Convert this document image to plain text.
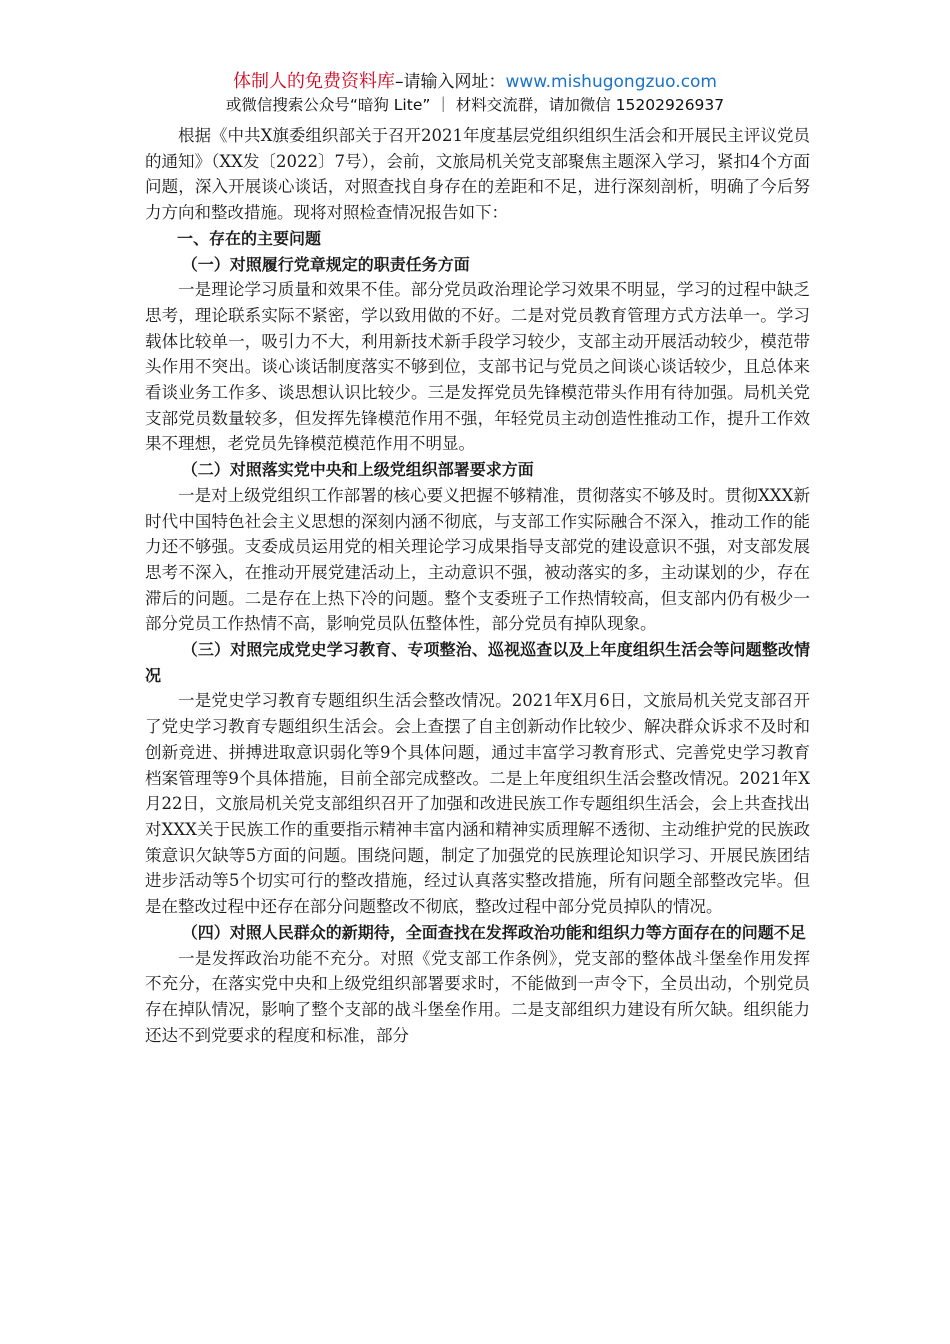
体制人的免费资料库–请输入网址：www.mishugongzuo.com
或微信搜索公众号“暗狗 Lite” ｜ 材料交流群，请加微信 15202926937

根据《中共X旗委组织部关于召开2021年度基层党组织组织生活会和开展民主评议党员的通知》（XX发〔2022〕7号），会前，文旅局机关党支部聚焦主题深入学习，紧扣4个方面问题，深入开展谈心谈话，对照查找自身存在的差距和不足，进行深刻剖析，明确了今后努力方向和整改措施。现将对照检查情况报告如下：

一、存在的主要问题

（一）对照履行党章规定的职责任务方面

一是理论学习质量和效果不佳。部分党员政治理论学习效果不明显，学习的过程中缺乏思考，理论联系实际不紧密，学以致用做的不好。二是对党员教育管理方式方法单一。学习载体比较单一，吸引力不大，利用新技术新手段学习较少，支部主动开展活动较少，模范带头作用不突出。谈心谈话制度落实不够到位，支部书记与党员之间谈心谈话较少，且总体来看谈业务工作多、谈思想认识比较少。三是发挥党员先锋模范带头作用有待加强。局机关党支部党员数量较多，但发挥先锋模范作用不强，年轻党员主动创造性推动工作，提升工作效果不理想，老党员先锋模范模范作用不明显。

（二）对照落实党中央和上级党组织部署要求方面

一是对上级党组织工作部署的核心要义把握不够精准，贯彻落实不够及时。贯彻XXX新时代中国特色社会主义思想的深刻内涵不彻底，与支部工作实际融合不深入，推动工作的能力还不够强。支委成员运用党的相关理论学习成果指导支部党的建设意识不强，对支部发展思考不深入，在推动开展党建活动上，主动意识不强，被动落实的多，主动谋划的少，存在滞后的问题。二是存在上热下冷的问题。整个支委班子工作热情较高，但支部内仍有极少一部分党员工作热情不高，影响党员队伍整体性，部分党员有掉队现象。

（三）对照完成党史学习教育、专项整治、巡视巡查以及上年度组织生活会等问题整改情况

一是党史学习教育专题组织生活会整改情况。2021年X月6日，文旅局机关党支部召开了党史学习教育专题组织生活会。会上查摆了自主创新动作比较少、解决群众诉求不及时和创新竞进、拼搏进取意识弱化等9个具体问题，通过丰富学习教育形式、完善党史学习教育档案管理等9个具体措施，目前全部完成整改。二是上年度组织生活会整改情况。2021年X月22日，文旅局机关党支部组织召开了加强和改进民族工作专题组织生活会，会上共查找出对XXX关于民族工作的重要指示精神丰富内涵和精神实质理解不透彻、主动维护党的民族政策意识欠缺等5方面的问题。围绕问题，制定了加强党的民族理论知识学习、开展民族团结进步活动等5个切实可行的整改措施，经过认真落实整改措施，所有问题全部整改完毕。但是在整改过程中还存在部分问题整改不彻底，整改过程中部分党员掉队的情况。

（四）对照人民群众的新期待，全面查找在发挥政治功能和组织力等方面存在的问题不足

一是发挥政治功能不充分。对照《党支部工作条例》，党支部的整体战斗堡垒作用发挥不充分，在落实党中央和上级党组织部署要求时，不能做到一声令下，全员出动，个别党员存在掉队情况，影响了整个支部的战斗堡垒作用。二是支部组织力建设有所欠缺。组织能力还达不到党要求的程度和标准，部分
